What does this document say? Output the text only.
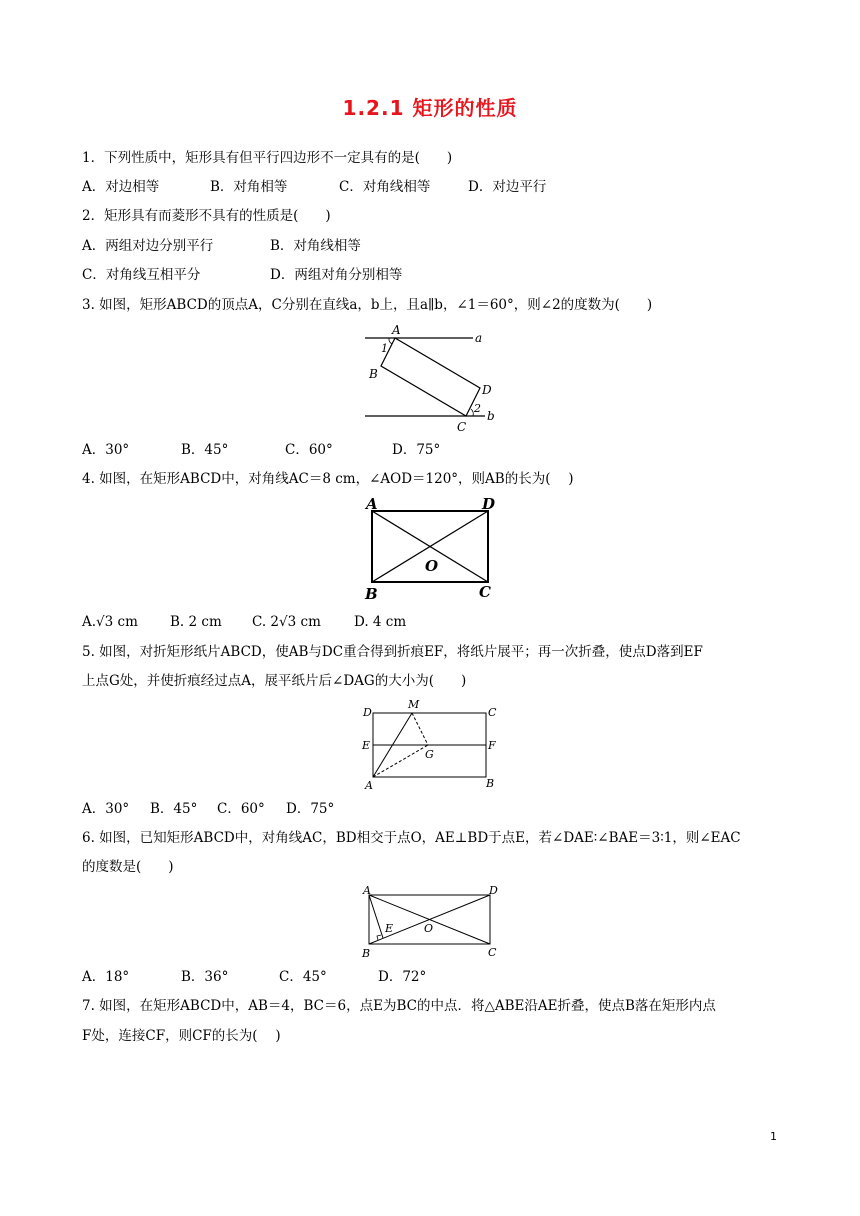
1.2.1 矩形的性质
1．下列性质中，矩形具有但平行四边形不一定具有的是(　　)
A．对边相等	B．对角相等	C．对角线相等	D．对边平行
2．矩形具有而菱形不具有的性质是(　　)
A．两组对边分别平行	B．对角线相等
C．对角线互相平分	D．两组对角分别相等
3. 如图，矩形ABCD的顶点A，C分别在直线a，b上，且a∥b，∠1＝60°，则∠2的度数为(　　)
A
a
1
B
D
2
b
C
A．30°	B．45°	C．60°	D．75°
4. 如图，在矩形ABCD中，对角线AC＝8 cm，∠AOD＝120°，则AB的长为(　 )
A	D
O
B	C
A.√3 cm B. 2 cm C. 2√3 cm D. 4 cm
5. 如图，对折矩形纸片ABCD，使AB与DC重合得到折痕EF，将纸片展平；再一次折叠，使点D落到EF
上点G处，并使折痕经过点A，展平纸片后∠DAG的大小为(　　)
D
M
C
E	F
G
A	B
A．30° B．45° C．60° D．75°
6. 如图，已知矩形ABCD中，对角线AC，BD相交于点O，AE⊥BD于点E，若∠DAE∶∠BAE＝3∶1，则∠EAC
的度数是(　　)
A	D
E	O
B	C
A．18°	B．36°	C．45°	D．72°
7. 如图，在矩形ABCD中，AB＝4，BC＝6，点E为BC的中点．将△ABE沿AE折叠，使点B落在矩形内点
F处，连接CF，则CF的长为(　 )
1
